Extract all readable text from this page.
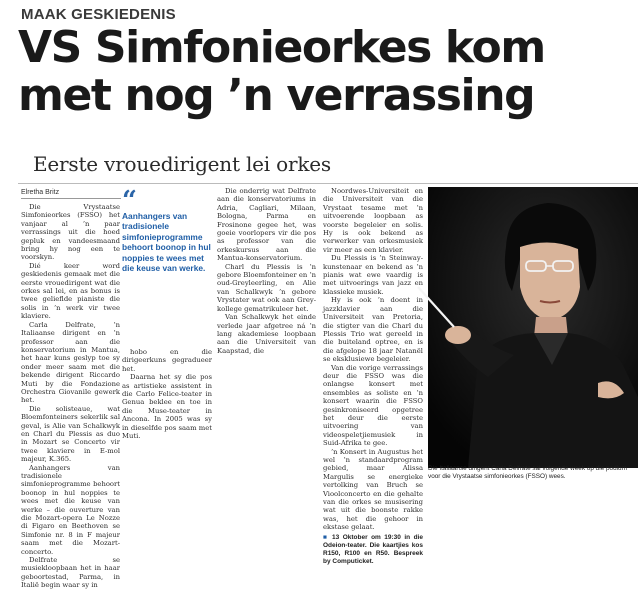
MAAK GESKIEDENIS
VS Simfonieorkes kom
met nog ’n verrassing
Eerste vrouedirigent lei orkes
Elretha Britz

Die Vrystaatse Simfonieorkes (FSSO) het vanjaar al ’n paar verrassings uit die hoed gepluk en vandeesmaand bring hy nog een te voorskyn.

Dié keer word geskiedenis gemaak met die eerste vrouedirigent wat die orkes sal lei, en as bonus is twee gelieflde pianiste die solis in ’n werk vir twee klaviere.

Carla Delfrate, ’n Italiaanse dirigent en ’n professor aan die konservatorium in Mantua, het haar kuns geslyp toe sy onder meer saam met die bekende dirigent Riccardo Muti by die Fondazione Orchestra Giovanile gewerk het.

Die solisteaue, wat Bloemfonteiners sekerlik sal geval, is Alie van Schalkwyk en Charl du Plessis as duo in Mozart se Concerto vir twee klaviere in E-mol majeur, K.365.

Aanhangers van tradisionele simfonieprogramme behoort boonop in hul noppies te wees met die keuse van werke – die ouverture van die Mozart-opera Le Nozze di Figaro en Beethoven se Simfonie nr. 8 in F majeur saam met die Mozart-concerto.

Delfrate se musiekloopbaan het in haar geboortestad, Parma, in Italië begin waar sy in

“
Aanhangers van tradisionele simfonieprogramme behoort boonop in hul noppies te wees met die keuse van werke.

hobo en die dirigeerkuns gegradueer het.

Daarna het sy die pos as artistieke assistent in die Carlo Felice-teater in Genua beklee en toe in die Muse-teater in Ancona. In 2005 was sy in dieselfde pos saam met Muti.

Die onderrig wat Delfrate aan die konservatoriums in Adria, Cagliari, Milaan, Bologna, Parma en Frosinone gegee het, was goeie voorlopers vir die pos as professor van die orkeskursus aan die Mantua-konservatorium.

Charl du Plessis is ’n gebore Bloemfonteiner en ’n oud-Greyleerling, en Alie van Schalkwyk ’n gebore Vrystater wat ook aan Grey-kollege gematrikuleer het.

Van Schalkwyk het einde verlede jaar afgetree ná ’n lang akademiese loopbaan aan die Universiteit van Kaapstad, die

Noordwes-Universiteit en die Universiteit van die Vrystaat tesame met ’n uitvoerende loopbaan as voorste begeleier en solis. Hy is ook bekend as verwerker van orkesmusiek vir meer as een klavier.

Du Plessis is ’n Steinway-kunstenaar en bekend as ’n pianis wat ewe vaardig is met uitvoerings van jazz en klassieke musiek.

Hy is ook ’n doent in jazzklavier aan die Universiteit van Pretoria, die stigter van die Charl du Plessis Trio wat gereeld in die buiteland optree, en is die afgelope 18 jaar Natanël se eksklusiewe begeleier.

Van die vorige verrassings deur die FSSO was die onlangse konsert met ensembles as soliste en ’n konsert waarin die FSSO gesinkroniseerd opgetree het deur die eerste uitvoering van videospeletjiemusiek in Suid-Afrika te gee.

’n Konsert in Augustus het wel ’n standaardprogram gebied, maar Alissa Margulis se energieke vertolking van Bruch se Vioolconcerto en die gehalte van die orkes se musisering wat uit die boonste rakke was, het die gehoor in ekstase gelaat.

■ 13 Oktober om 19:30 in die Odeion-teater. Die kaartjies kos R150, R100 en R50. Bespreek by Computicket.
Die Italiaanse dirigent Carla Delfrate sal volgende week op die podium voor die Vrystaatse simfonieorkes (FSSO) wees.
